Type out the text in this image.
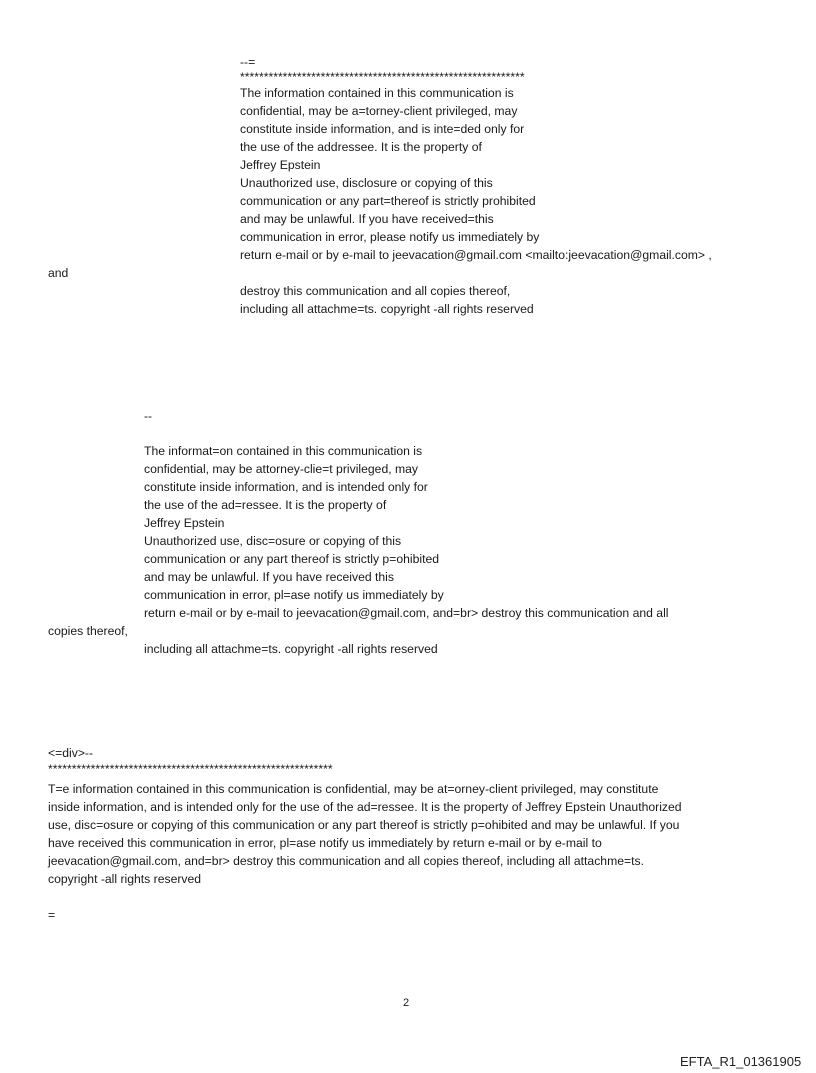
--=

************************************************************

The information contained in this communication is

confidential, may be a=torney-client privileged, may

constitute inside information, and is inte=ded only for

the use of the addressee. It is the property of

Jeffrey Epstein

Unauthorized use, disclosure or copying of this

communication or any part=thereof is strictly prohibited

and may be unlawful. If you have received=this

communication in error, please notify us immediately by

return e-mail or by e-mail to jeevacation@gmail.com <mailto:jeevacation@gmail.com> ,

and

destroy this communication and all copies thereof,

including all attachme=ts. copyright -all rights reserved

--

The informat=on contained in this communication is

confidential, may be attorney-clie=t privileged, may

constitute inside information, and is intended only for

the use of the ad=ressee. It is the property of

Jeffrey Epstein

Unauthorized use, disc=osure or copying of this

communication or any part thereof is strictly p=ohibited

and may be unlawful. If you have received this

communication in error, pl=ase notify us immediately by

return e-mail or by e-mail to jeevacation@gmail.com, and=br> destroy this communication and all

copies thereof,

including all attachme=ts. copyright -all rights reserved

<=div>--

************************************************************

T=e information contained in this communication is confidential, may be at=orney-client privileged, may constitute

inside information, and is intended only for the use of the ad=ressee. It is the property of Jeffrey Epstein Unauthorized

use, disc=osure or copying of this communication or any part thereof is strictly p=ohibited and may be unlawful. If you

have received this communication in error, pl=ase notify us immediately by return e-mail or by e-mail to

jeevacation@gmail.com, and=br> destroy this communication and all copies thereof, including all attachme=ts.

copyright -all rights reserved

=

2

EFTA_R1_01361905
